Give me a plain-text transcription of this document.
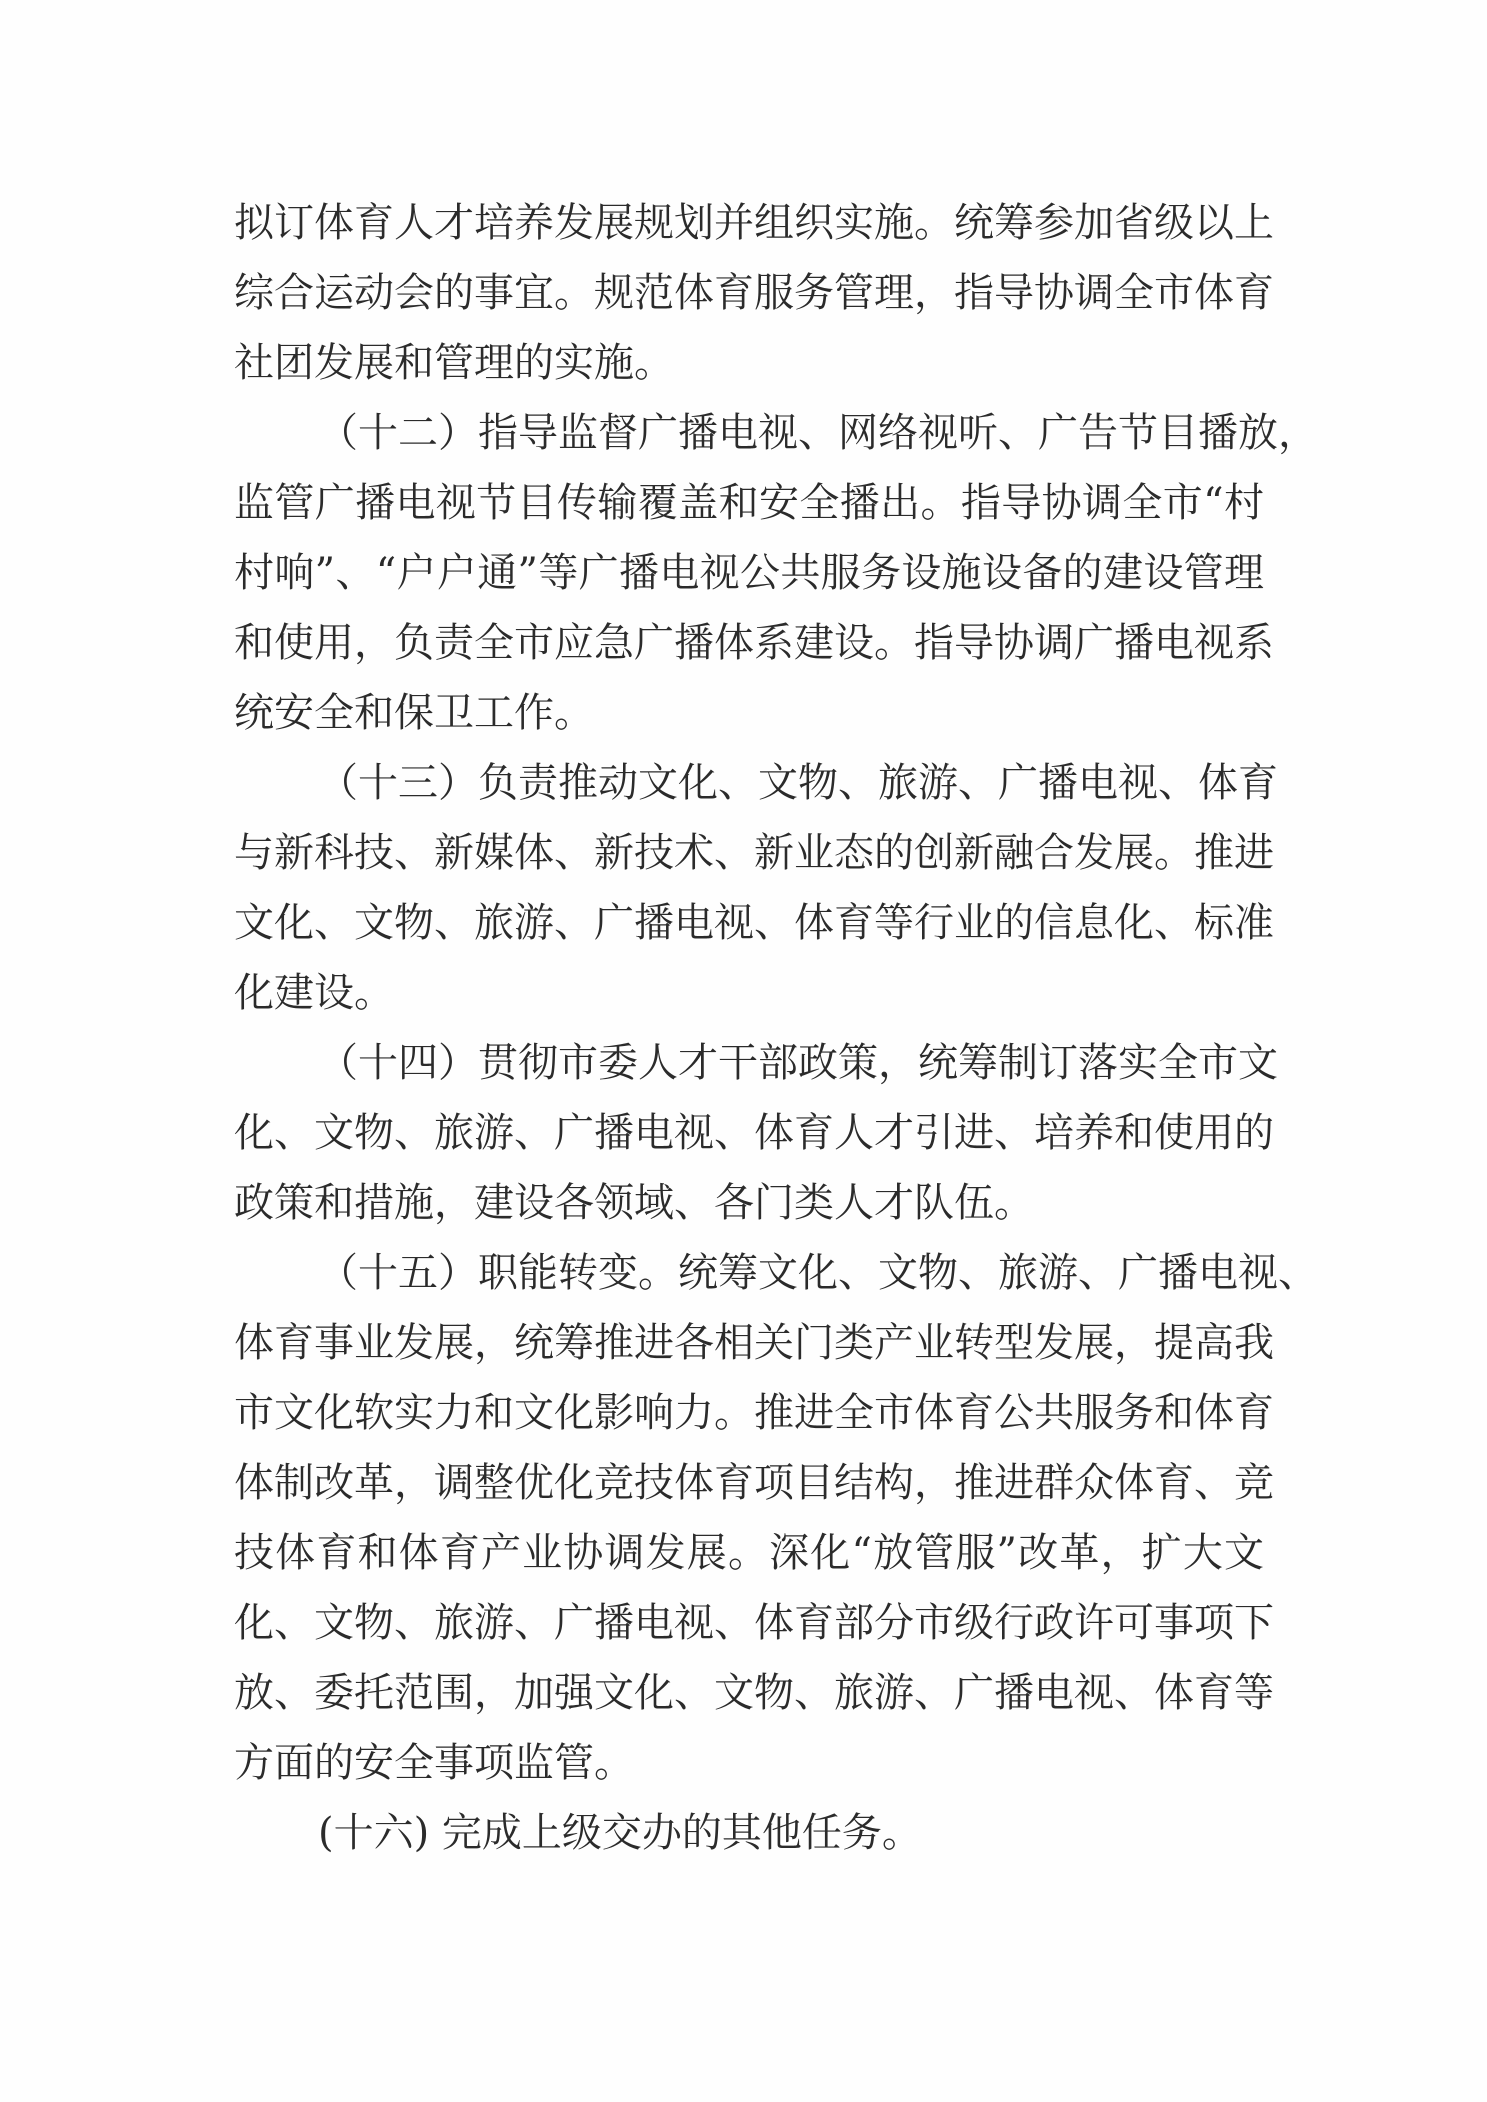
拟订体育人才培养发展规划并组织实施。统筹参加省级以上
综合运动会的事宜。规范体育服务管理，指导协调全市体育
社团发展和管理的实施。
（十二）指导监督广播电视、网络视听、广告节目播放，
监管广播电视节目传输覆盖和安全播出。指导协调全市“村
村响”、“户户通”等广播电视公共服务设施设备的建设管理
和使用，负责全市应急广播体系建设。指导协调广播电视系
统安全和保卫工作。
（十三）负责推动文化、文物、旅游、广播电视、体育
与新科技、新媒体、新技术、新业态的创新融合发展。推进
文化、文物、旅游、广播电视、体育等行业的信息化、标准
化建设。
（十四）贯彻市委人才干部政策，统筹制订落实全市文
化、文物、旅游、广播电视、体育人才引进、培养和使用的
政策和措施，建设各领域、各门类人才队伍。
（十五）职能转变。统筹文化、文物、旅游、广播电视、
体育事业发展，统筹推进各相关门类产业转型发展，提高我
市文化软实力和文化影响力。推进全市体育公共服务和体育
体制改革，调整优化竞技体育项目结构，推进群众体育、竞
技体育和体育产业协调发展。深化“放管服”改革，扩大文
化、文物、旅游、广播电视、体育部分市级行政许可事项下
放、委托范围，加强文化、文物、旅游、广播电视、体育等
方面的安全事项监管。
(十六) 完成上级交办的其他任务。
